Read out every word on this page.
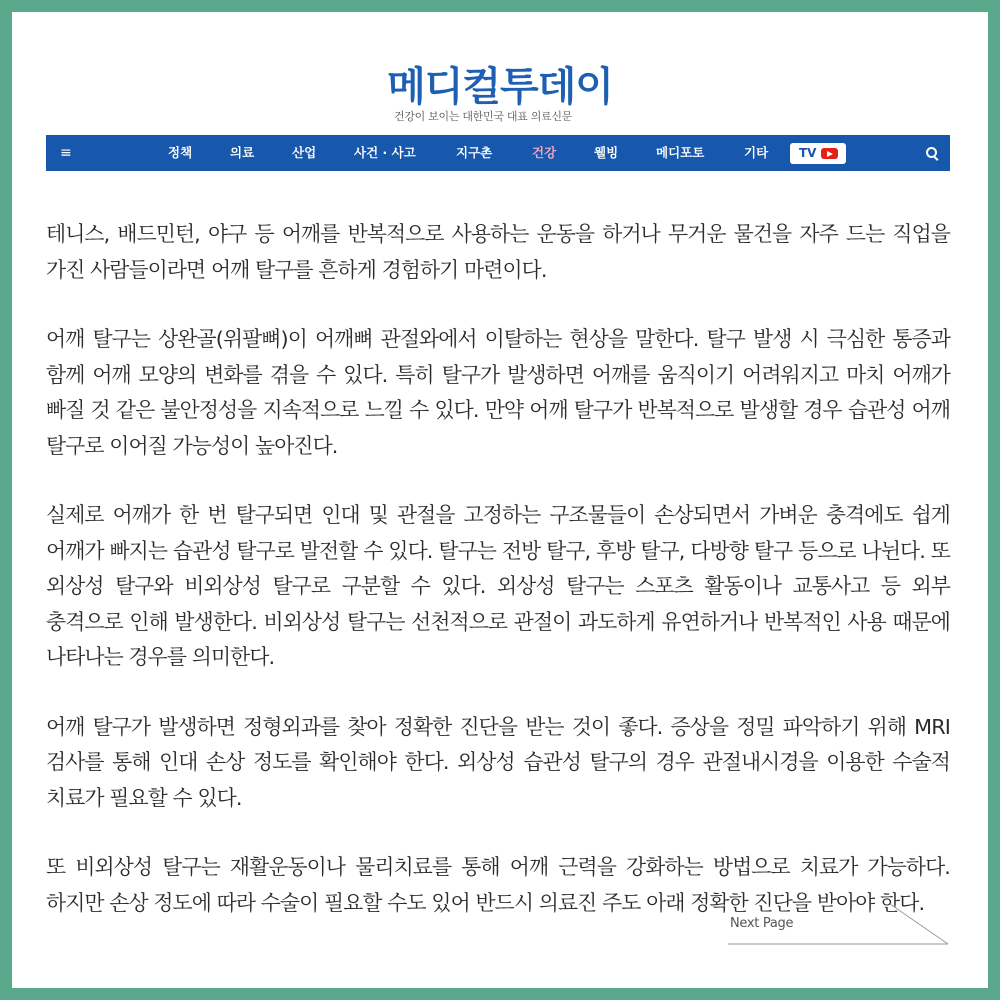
메디컬투데이
건강이 보이는 대한민국 대표 의료신문
≡	정책	의료	산업	사건 · 사고	지구촌	건강	웰빙	메디포토	기타	TV

테니스, 배드민턴, 야구 등 어깨를 반복적으로 사용하는 운동을 하거나 무거운 물건을 자주 드는 직업을 가진 사람들이라면 어깨 탈구를 흔하게 경험하기 마련이다.

어깨 탈구는 상완골(위팔뼈)이 어깨뼈 관절와에서 이탈하는 현상을 말한다. 탈구 발생 시 극심한 통증과 함께 어깨 모양의 변화를 겪을 수 있다. 특히 탈구가 발생하면 어깨를 움직이기 어려워지고 마치 어깨가 빠질 것 같은 불안정성을 지속적으로 느낄 수 있다. 만약 어깨 탈구가 반복적으로 발생할 경우 습관성 어깨 탈구로 이어질 가능성이 높아진다.

실제로 어깨가 한 번 탈구되면 인대 및 관절을 고정하는 구조물들이 손상되면서 가벼운 충격에도 쉽게 어깨가 빠지는 습관성 탈구로 발전할 수 있다. 탈구는 전방 탈구, 후방 탈구, 다방향 탈구 등으로 나뉜다. 또 외상성 탈구와 비외상성 탈구로 구분할 수 있다. 외상성 탈구는 스포츠 활동이나 교통사고 등 외부 충격으로 인해 발생한다. 비외상성 탈구는 선천적으로 관절이 과도하게 유연하거나 반복적인 사용 때문에 나타나는 경우를 의미한다.

어깨 탈구가 발생하면 정형외과를 찾아 정확한 진단을 받는 것이 좋다. 증상을 정밀 파악하기 위해 MRI 검사를 통해 인대 손상 정도를 확인해야 한다. 외상성 습관성 탈구의 경우 관절내시경을 이용한 수술적 치료가 필요할 수 있다.

또 비외상성 탈구는 재활운동이나 물리치료를 통해 어깨 근력을 강화하는 방법으로 치료가 가능하다. 하지만 손상 정도에 따라 수술이 필요할 수도 있어 반드시 의료진 주도 아래 정확한 진단을 받아야 한다.

Next Page
